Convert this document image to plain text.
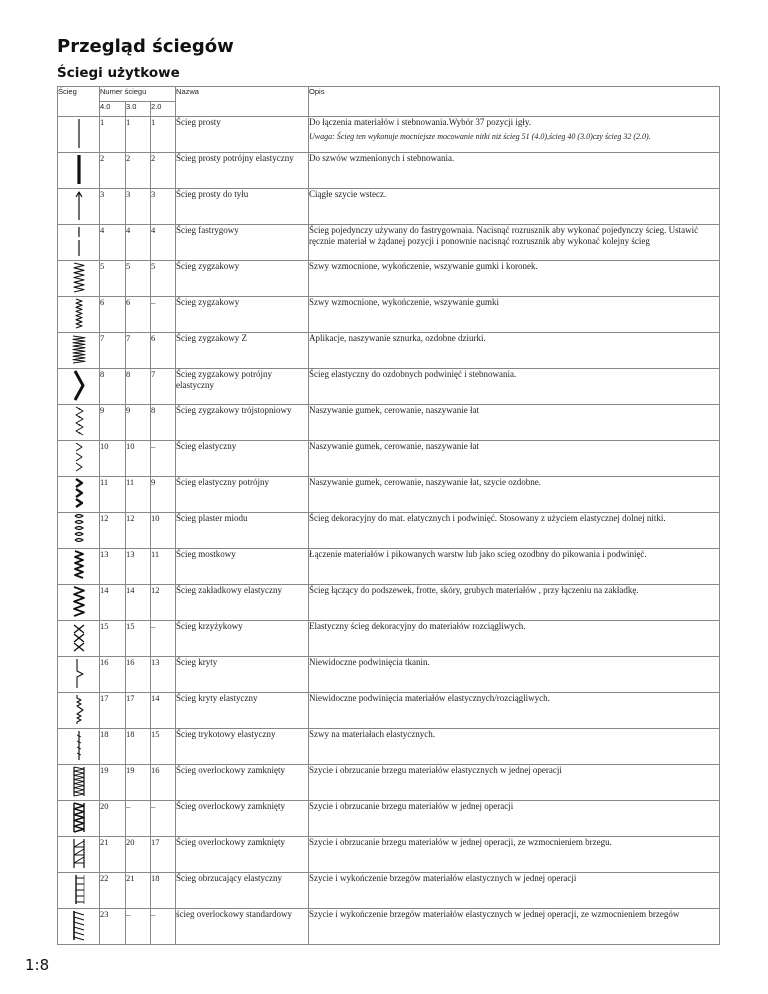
Przegląd ściegów
Ściegi użytkowe
Ścieg	Numer ściegu			Nazwa	Opis
	4.0	3.0	2.0		

	1	1	1	Ścieg prosty	Do łączenia materiałów i stebnowania.Wybór 37 pozycji igły.
Uwaga: Ścieg ten wykonuje mocniejsze mocowanie nitki niż ścieg 51 (4.0),ścieg 40 (3.0)czy ścieg 32 (2.0).

	2	2	2	Ścieg prosty potrójny elastyczny	Do szwów wzmenionych i stebnowania.

	3	3	3	Ścieg prosty do tyłu	Ciągłe szycie wstecz.

	4	4	4	Ścieg fastrygowy	Ścieg pojedynczy używany do fastrygownaia. Nacisnąć rozrusznik aby wykonać pojedynczy ścieg. Ustawić ręcznie materiał w żądanej pozycji i ponownie nacisnąć rozrusznik aby wykonać kolejny ścieg

	5	5	5	Ścieg zygzakowy	Szwy wzmocnione, wykończenie, wszywanie gumki i koronek.

	6	6	–	Ścieg zygzakowy	Szwy wzmocnione, wykończenie, wszywanie gumki

	7	7	6	Ścieg zygzakowy Z	Aplikacje, naszywanie sznurka, ozdobne dziurki.

	8	8	7	Ścieg zygzakowy potrójny elastyczny	Ścieg elastyczny do ozdobnych podwinięć i stebnowania.

	9	9	8	Ścieg zygzakowy trójstopniowy	Naszywanie gumek, cerowanie, naszywanie łat

	10	10	–	Ścieg elastyczny	Naszywanie gumek, cerowanie, naszywanie łat

	11	11	9	Ścieg elastyczny potrójny	Naszywanie gumek, cerowanie, naszywanie łat, szycie ozdobne.

	12	12	10	Ścieg plaster miodu	Ścieg dekoracyjny do mat. elatycznych i podwinięć. Stosowany z użyciem elastycznej dolnej nitki.

	13	13	11	Ścieg mostkowy	Łączenie materiałów i pikowanych warstw lub jako scieg ozodbny do pikowania i podwinięć.

	14	14	12	Ścieg zakładkowy elastyczny	Ścieg łączący do podszewek, frotte, skóry, grubych materiałów , przy łączeniu na zakładkę.

	15	15	–	Ścieg krzyżykowy	Elastyczny ścieg dekoracyjny do materiałów rozciągliwych.

	16	16	13	Ścieg kryty	Niewidoczne podwinięcia tkanin.

	17	17	14	Ścieg kryty elastyczny	Niewidoczne podwinięcia materiałów elastycznych/rozciągliwych.

	18	18	15	Ścieg trykotowy elastyczny	Szwy na materiałach elastycznych.

	19	19	16	Ścieg overlockowy zamknięty	Szycie i obrzucanie brzegu materiałów elastycznych w jednej operacji

	20	–	–	Ścieg overlockowy zamknięty	Szycie i obrzucanie brzegu materiałów w jednej operacji

	21	20	17	Ścieg overlockowy zamknięty	Szycie i obrzucanie brzegu materiałów w jednej operacji, ze wzmocnieniem brzegu.

	22	21	18	Ścieg obrzucający elastyczny	Szycie i wykończenie brzegów materiałów elastycznych w jednej operacji

	23	–	–	ścieg overlockowy standardowy	Szycie i wykończenie brzegów materiałów elastycznych w jednej operacji, ze wzmocnieniem brzegów
1:8
